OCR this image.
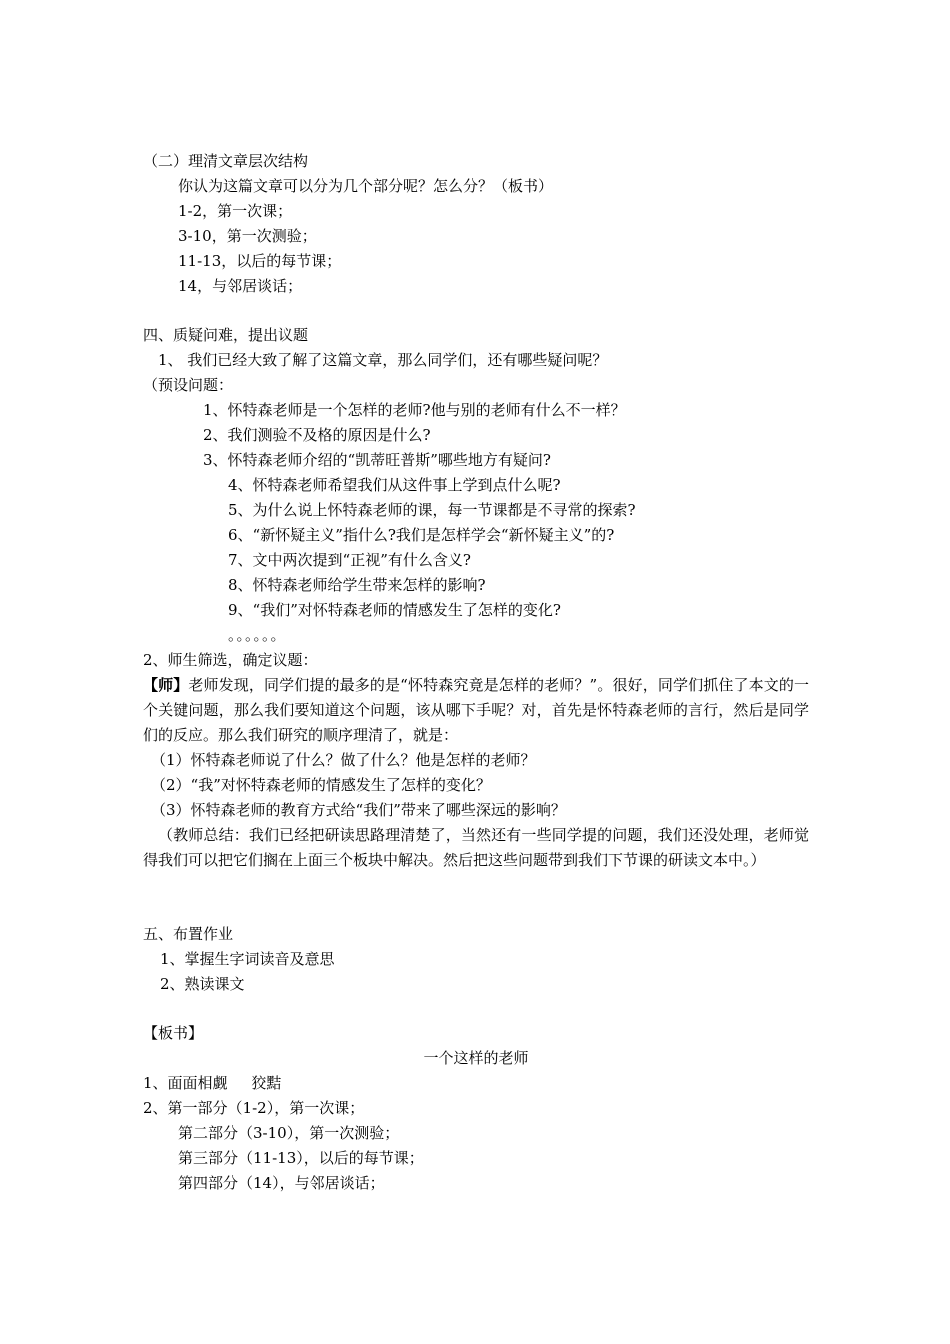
（二）理清文章层次结构
你认为这篇文章可以分为几个部分呢？怎么分？（板书）
1-2，第一次课；
3-10，第一次测验；
11-13，以后的每节课；
14，与邻居谈话；
四、质疑问难，提出议题
1、 我们已经大致了解了这篇文章，那么同学们，还有哪些疑问呢？
（预设问题：
1、怀特森老师是一个怎样的老师?他与别的老师有什么不一样？
2、我们测验不及格的原因是什么?
3、怀特森老师介绍的“凯蒂旺普斯”哪些地方有疑问?
4、怀特森老师希望我们从这件事上学到点什么呢?
5、为什么说上怀特森老师的课，每一节课都是不寻常的探索?
6、“新怀疑主义”指什么?我们是怎样学会“新怀疑主义”的?
7、文中两次提到“正视”有什么含义?
8、怀特森老师给学生带来怎样的影响?
9、“我们”对怀特森老师的情感发生了怎样的变化?
。。。。。。
2、师生筛选，确定议题：
【师】老师发现，同学们提的最多的是“怀特森究竟是怎样的老师？”。很好，同学们抓住了本文的一个关键问题，那么我们要知道这个问题，该从哪下手呢？对，首先是怀特森老师的言行，然后是同学们的反应。那么我们研究的顺序理清了，就是：
（1）怀特森老师说了什么？做了什么？他是怎样的老师？
（2）“我”对怀特森老师的情感发生了怎样的变化？
（3）怀特森老师的教育方式给“我们”带来了哪些深远的影响？
（教师总结：我们已经把研读思路理清楚了，当然还有一些同学提的问题，我们还没处理，老师觉得我们可以把它们搁在上面三个板块中解决。然后把这些问题带到我们下节课的研读文本中。）
五、布置作业
1、掌握生字词读音及意思
2、熟读课文
【板书】
一个这样的老师
1、面面相觑     狡黠
2、第一部分（1-2），第一次课；
第二部分（3-10），第一次测验；
第三部分（11-13），以后的每节课；
第四部分（14），与邻居谈话；
